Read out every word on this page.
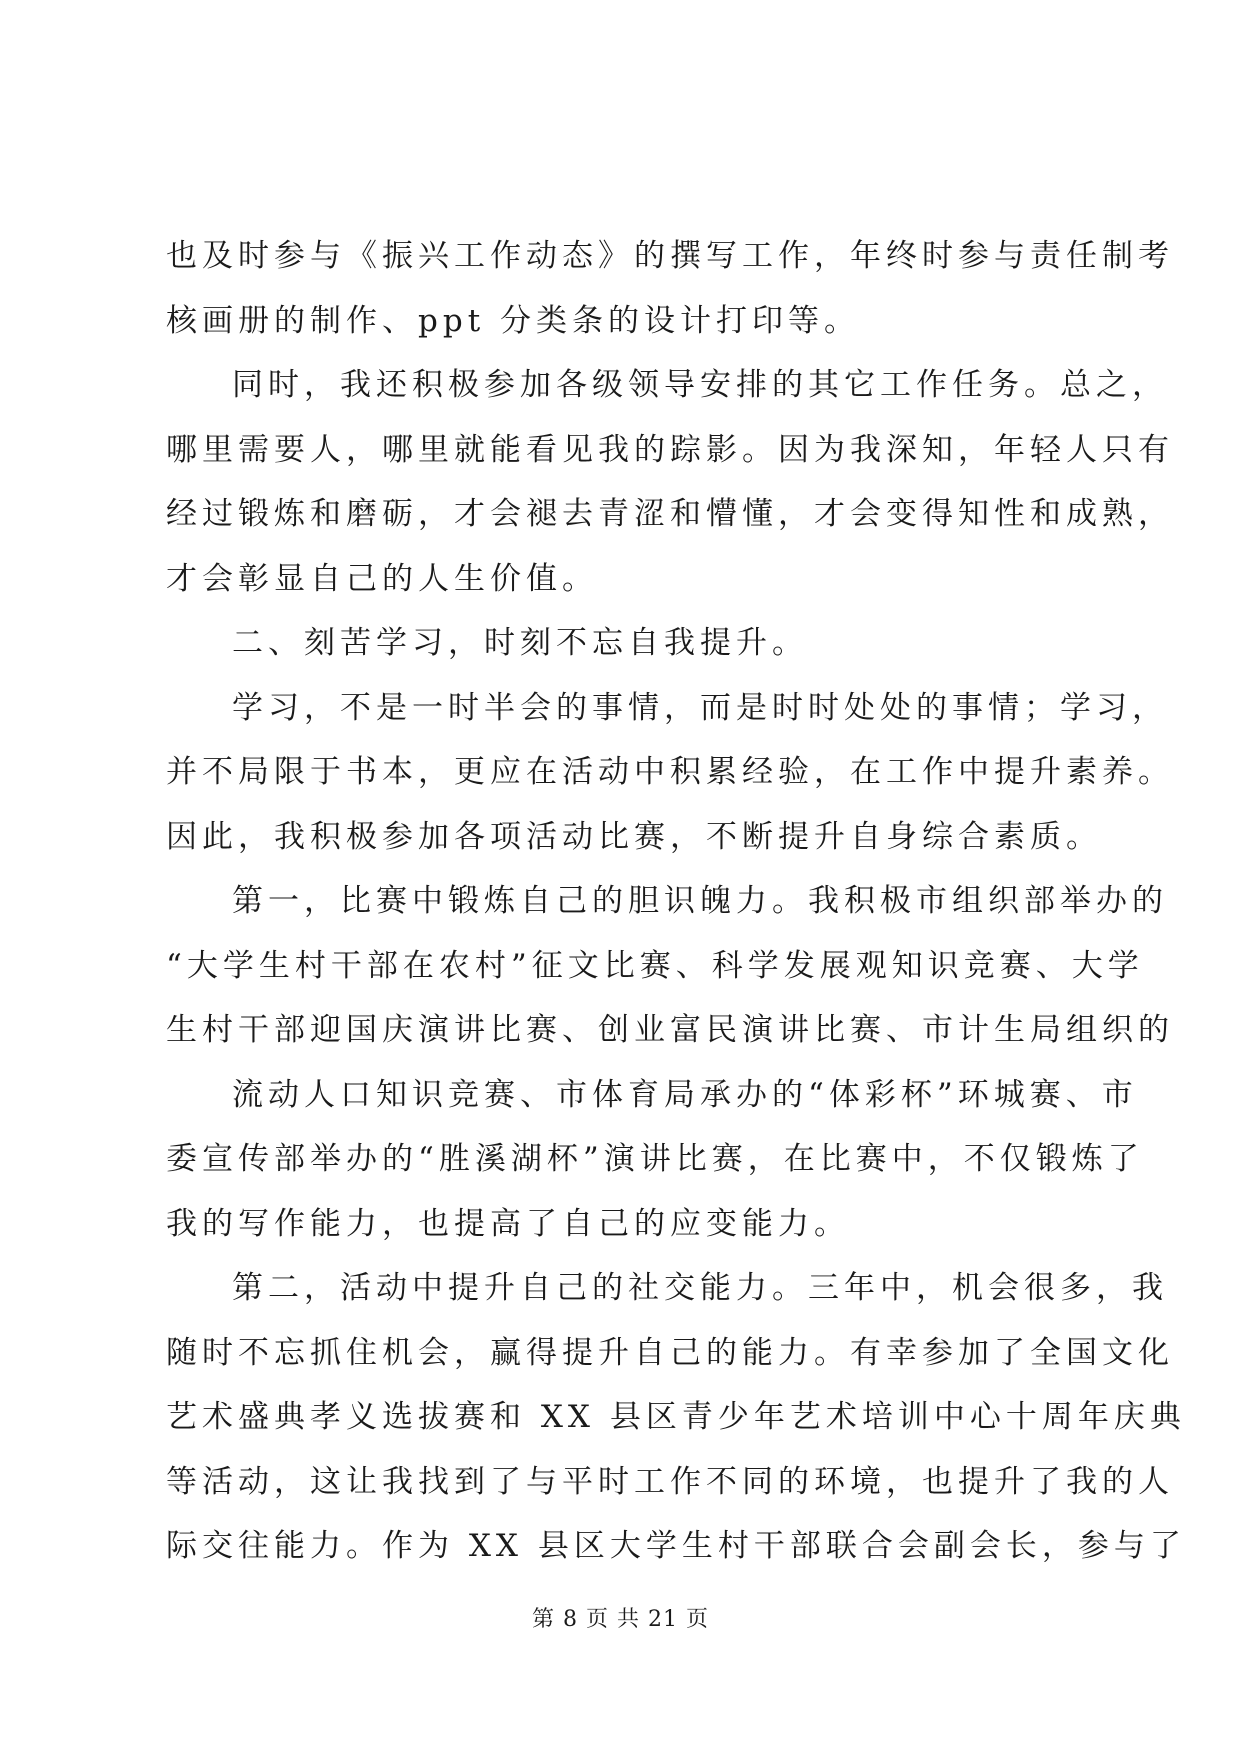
也及时参与《振兴工作动态》的撰写工作，年终时参与责任制考
核画册的制作、ppt 分类条的设计打印等。
同时，我还积极参加各级领导安排的其它工作任务。总之，
哪里需要人，哪里就能看见我的踪影。因为我深知，年轻人只有
经过锻炼和磨砺，才会褪去青涩和懵懂，才会变得知性和成熟，
才会彰显自己的人生价值。
二、刻苦学习，时刻不忘自我提升。
学习，不是一时半会的事情，而是时时处处的事情；学习，
并不局限于书本，更应在活动中积累经验，在工作中提升素养。
因此，我积极参加各项活动比赛，不断提升自身综合素质。
第一，比赛中锻炼自己的胆识魄力。我积极市组织部举办的
“大学生村干部在农村”征文比赛、科学发展观知识竞赛、大学
生村干部迎国庆演讲比赛、创业富民演讲比赛、市计生局组织的
流动人口知识竞赛、市体育局承办的“体彩杯”环城赛、市
委宣传部举办的“胜溪湖杯”演讲比赛，在比赛中，不仅锻炼了
我的写作能力，也提高了自己的应变能力。
第二，活动中提升自己的社交能力。三年中，机会很多，我
随时不忘抓住机会，赢得提升自己的能力。有幸参加了全国文化
艺术盛典孝义选拔赛和 XX 县区青少年艺术培训中心十周年庆典
等活动，这让我找到了与平时工作不同的环境，也提升了我的人
际交往能力。作为 XX 县区大学生村干部联合会副会长，参与了
第 8 页 共 21 页
